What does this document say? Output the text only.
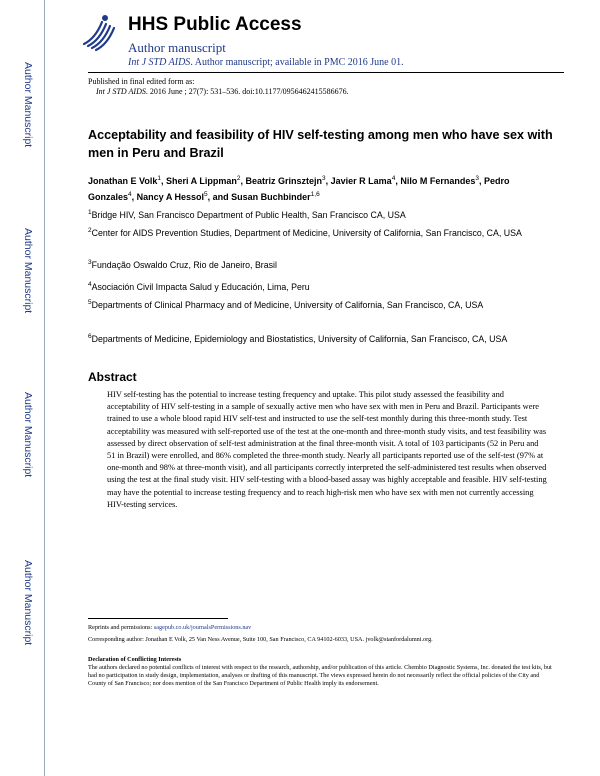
Author Manuscript
Author Manuscript
Author Manuscript
Author Manuscript
HHS Public Access
Author manuscript
Int J STD AIDS. Author manuscript; available in PMC 2016 June 01.
Published in final edited form as:
Int J STD AIDS. 2016 June ; 27(7): 531–536. doi:10.1177/0956462415586676.
Acceptability and feasibility of HIV self-testing among men who have sex with men in Peru and Brazil
Jonathan E Volk$^1$, Sheri A Lippman$^2$, Beatriz Grinsztejn$^3$, Javier R Lama$^4$, Nilo M Fernandes$^3$, Pedro Gonzales$^4$, Nancy A Hessol$^5$, and Susan Buchbinder$^{1,6}$
$^1$Bridge HIV, San Francisco Department of Public Health, San Francisco CA, USA
$^2$Center for AIDS Prevention Studies, Department of Medicine, University of California, San Francisco, CA, USA
$^3$Fundação Oswaldo Cruz, Rio de Janeiro, Brasil
$^4$Asociación Civil Impacta Salud y Educación, Lima, Peru
$^5$Departments of Clinical Pharmacy and of Medicine, University of California, San Francisco, CA, USA
$^6$Departments of Medicine, Epidemiology and Biostatistics, University of California, San Francisco, CA, USA
Abstract

HIV self-testing has the potential to increase testing frequency and uptake. This pilot study assessed the feasibility and acceptability of HIV self-testing in a sample of sexually active men who have sex with men in Peru and Brazil. Participants were trained to use a whole blood rapid HIV self-test and instructed to use the self-test monthly during this three-month study. Test acceptability was measured with self-reported use of the test at the one-month and three-month study visits, and test feasibility was assessed by direct observation of self-test administration at the final three-month visit. A total of 103 participants (52 in Peru and 51 in Brazil) were enrolled, and 86% completed the three-month study. Nearly all participants reported use of the self-test (97% at one-month and 98% at three-month visit), and all participants correctly interpreted the self-administered test results when observed using the test at the final study visit. HIV self-testing with a blood-based assay was highly acceptable and feasible. HIV self-testing may have the potential to increase testing frequency and to reach high-risk men who have sex with men not currently accessing HIV-testing services.

Reprints and permissions: sagepub.co.uk/journalsPermissions.nav
Corresponding author: Jonathan E Volk, 25 Van Ness Avenue, Suite 100, San Francisco, CA 94102-6033, USA. jvolk@stanfordalumni.org.
Declaration of Conflicting Interests
The authors declared no potential conflicts of interest with respect to the research, authorship, and/or publication of this article. Chembio Diagnostic Systems, Inc. donated the test kits, but had no participation in study design, implementation, analyses or drafting of this manuscript. The views expressed herein do not necessarily reflect the official policies of the City and County of San Francisco; nor does mention of the San Francisco Department of Public Health imply its endorsement.
